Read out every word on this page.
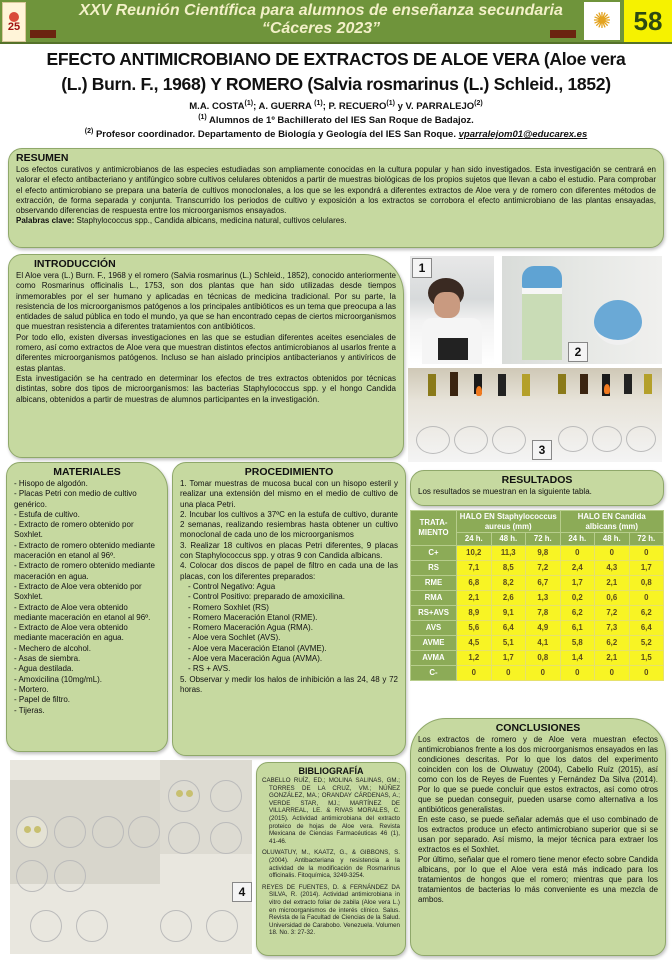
25
XXV Reunión Científica para alumnos de enseñanza secundaria
“Cáceres 2023”	✺ 58
EFECTO ANTIMICROBIANO DE EXTRACTOS DE ALOE VERA (Aloe vera
(L.) Burn. F., 1968) Y ROMERO (Salvia rosmarinus (L.) Schleid., 1852)
M.A. COSTA$^{(1)}$; A. GUERRA $^{(1)}$; P. RECUERO$^{(1)}$ y V. PARRALEJO$^{(2)}$
$^{(1)}$ Alumnos de 1º Bachillerato del IES San Roque de Badajoz.
$^{(2)}$ Profesor coordinador. Departamento de Biología y Geología del IES San Roque. vparralejom01@educarex.es
RESUMEN

Los efectos curativos y antimicrobianos de las especies estudiadas son ampliamente conocidas en la cultura popular y han sido investigados. Esta investigación se centrará en valorar el efecto antibacteriano y antifúngico sobre cultivos celulares obtenidos a partir de muestras biológicas de los propios sujetos que llevan a cabo el estudio. Para comprobar el efecto antimicrobiano se prepara una batería de cultivos monoclonales, a los que se les expondrá a diferentes extractos de Aloe vera y de romero con diferentes métodos de extracción, de forma separada y conjunta. Transcurrido los periodos de cultivo y exposición a los extractos se corrobora el efecto antimicrobiano de las plantas ensayadas, observando diferencias de respuesta entre los microorganismos ensayados.

Palabras clave: Staphylococcus spp., Candida albicans, medicina natural, cultivos celulares.

INTRODUCCIÓN

El Aloe vera (L.) Burn. F., 1968 y el romero (Salvia rosmarinus (L.) Schleid., 1852), conocido anteriormente como Rosmarinus officinalis L., 1753, son dos plantas que han sido utilizadas desde tiempos inmemorables por el ser humano y aplicadas en técnicas de medicina tradicional. Por su parte, la resistencia de los microorganismos patógenos a los principales antibióticos es un tema que preocupa a las entidades de salud pública en todo el mundo, ya que se han encontrado cepas de ciertos microorganismos que muestran resistencia a diferentes tratamientos con antibióticos.

Por todo ello, existen diversas investigaciones en las que se estudian diferentes aceites esenciales de romero, así como extractos de Aloe vera que muestran distintos efectos antimicrobianos al usarlos frente a diferentes microorganismos patógenos. Incluso se han aislado principios antibacterianos y antivíricos de estas plantas.

Esta investigación se ha centrado en determinar los efectos de tres extractos obtenidos por técnicas distintas, sobre dos tipos de microorganismos: las bacterias Staphylococcus spp. y el hongo Candida albicans, obtenidos a partir de muestras de alumnos participantes en la investigación.

1
2
3
MATERIALES
- Hisopo de algodón.
- Placas Petri con medio de cultivo genérico.
- Estufa de cultivo.
- Extracto de romero obtenido por Soxhlet.
- Extracto de romero obtenido mediante maceración en etanol al 96º.
- Extracto de romero obtenido mediante maceración en agua.
- Extracto de Aloe vera obtenido por Soxhlet.
- Extracto de Aloe vera obtenido mediante maceración en etanol al 96º.
- Extracto de Aloe vera obtenido mediante maceración en agua.
- Mechero de alcohol.
- Asas de siembra.
- Agua destilada.
- Amoxicilina (10mg/mL).
- Mortero.
- Papel de filtro.
- Tijeras.
PROCEDIMIENTO

1. Tomar muestras de mucosa bucal con un hisopo esteril y realizar una extensión del mismo en el medio de cultivo de una placa Petri.

2. Incubar los cultivos a 37ºC en la estufa de cultivo, durante 2 semanas, realizando resiembras hasta obtener un cultivo monoclonal de cada uno de los microorganismos

3. Realizar 18 cultivos en placas Petri diferentes, 9 placas con Staphylococcus spp. y otras 9 con Candida albicans.

4. Colocar dos discos de papel de filtro en cada una de las placas, con los diferentes preparados:

- Control Negativo: Agua
- Control Positivo: preparado de amoxicilina.
- Romero Soxhlet (RS)
- Romero Maceración Etanol (RME).
- Romero Maceración Agua (RMA).
- Aloe vera Sochlet (AVS).
- Aloe vera Maceración Etanol (AVME).
- Aloe vera Maceración Agua (AVMA).
- RS + AVS.

5. Observar y medir los halos de inhibición a las 24, 48 y 72 horas.

RESULTADOS

Los resultados se muestran en la siguiente tabla.

TRATA-MIENTO	HALO EN Staphylococcus aureus (mm)			HALO EN Candida albicans (mm)		
	24 h.	48 h.	72 h.	24 h.	48 h.	72 h.
C+	10,2	11,3	9,8	0	0	0
RS	7,1	8,5	7,2	2,4	4,3	1,7
RME	6,8	8,2	6,7	1,7	2,1	0,8
RMA	2,1	2,6	1,3	0,2	0,6	0
RS+AVS	8,9	9,1	7,8	6,2	7,2	6,2
AVS	5,6	6,4	4,9	6,1	7,3	6,4
AVME	4,5	5,1	4,1	5,8	6,2	5,2
AVMA	1,2	1,7	0,8	1,4	2,1	1,5
C-	0	0	0	0	0	0
4
BIBLIOGRAFÍA
CABELLO RUÍZ, ED.; MOLINA SALINAS, GM.; TORRES DE LA CRUZ, VM.; NÚÑEZ GONZÁLEZ, MA.; ORANDAY CÁRDENAS, A.; VERDE STAR, MJ.; MARTÍNEZ DE VILLARREAL, LE. & RIVAS MORALES, C. (2015). Actividad antimicrobiana del extracto proteico de hojas de Aloe vera. Revista Mexicana de Ciencias Farmacéuticas 46 (1), 41-46.
OLUWATUY, M., KAATZ, G., & GIBBONS, S. (2004). Antibacteriana y resistencia a la actividad de la modificación de Rosmarinus officinalis. Fitoquímica, 3249-3254.
REYES DE FUENTES, D. & FERNÁNDEZ DA SILVA, R. (2014). Actividad antimicrobiana in vitro del extracto foliar de zabila (Aloe vera L.) en microorganismos de interés clínico. Salus. Revista de la Facultad de Ciencias de la Salud. Universidad de Carabobo. Venezuela. Volumen 18. No. 3: 27-32.
CONCLUSIONES

Los extractos de romero y de Aloe vera muestran efectos antimicrobianos frente a los dos microorganismos ensayados en las condiciones descritas. Por lo que los datos del experimento coinciden con los de Oluwatuy (2004), Cabello Ruíz (2015), así como con los de Reyes de Fuentes y Fernández Da Silva (2014). Por lo que se puede concluir que estos extractos, así como otros que se puedan conseguir, pueden usarse como alternativa a los antibióticos generalistas.

En este caso, se puede señalar además que el uso combinado de los extractos produce un efecto antimicrobiano superior que si se usan por separado. Así mismo, la mejor técnica para extraer los extractos es el Soxhlet.

Por último, señalar que el romero tiene menor efecto sobre Candida albicans, por lo que el Aloe vera está más indicado para los tratamientos de hongos que el romero; mientras que para los tratamientos de bacterias lo más conveniente es una mezcla de ambos.
